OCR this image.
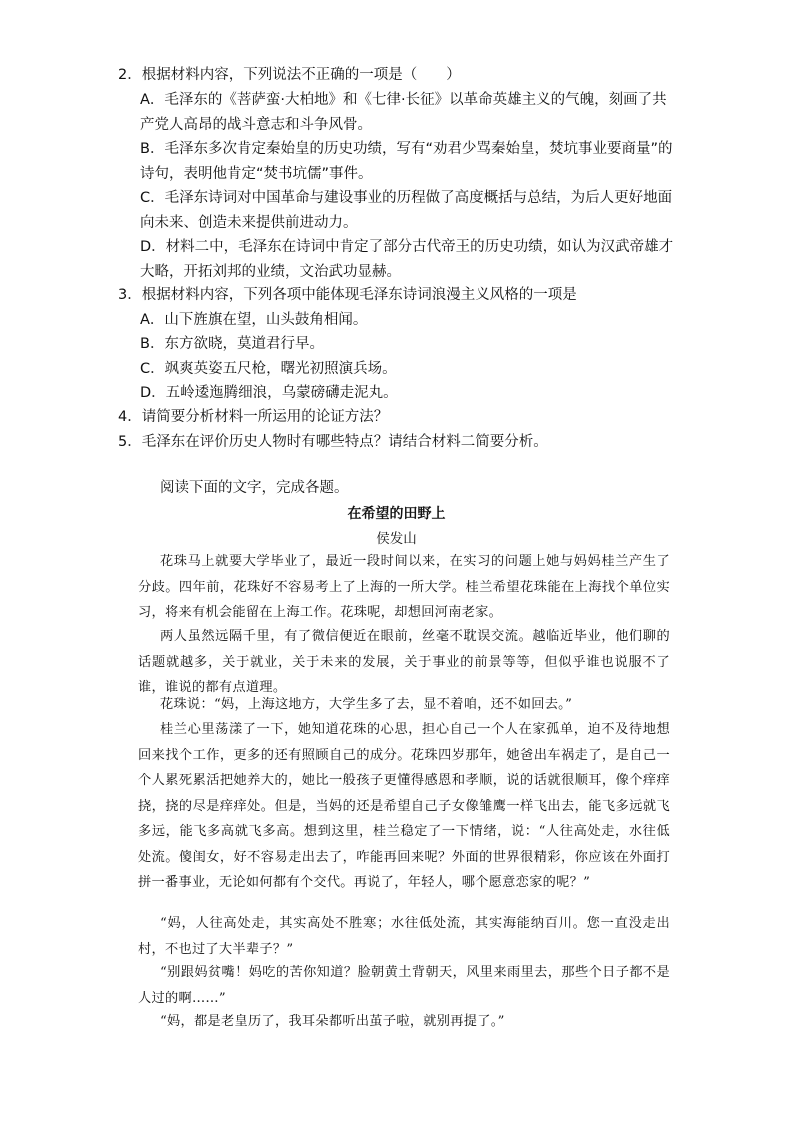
2．根据材料内容，下列说法不正确的一项是（　　）
A．毛泽东的《菩萨蛮·大柏地》和《七律·长征》以革命英雄主义的气魄，刻画了共产党人高昂的战斗意志和斗争风骨。
B．毛泽东多次肯定秦始皇的历史功绩，写有“劝君少骂秦始皇，焚坑事业要商量”的诗句，表明他肯定“焚书坑儒”事件。
C．毛泽东诗词对中国革命与建设事业的历程做了高度概括与总结，为后人更好地面向未来、创造未来提供前进动力。
D．材料二中，毛泽东在诗词中肯定了部分古代帝王的历史功绩，如认为汉武帝雄才大略，开拓刘邦的业绩，文治武功显赫。
3．根据材料内容，下列各项中能体现毛泽东诗词浪漫主义风格的一项是
A．山下旌旗在望，山头鼓角相闻。
B．东方欲晓，莫道君行早。
C．飒爽英姿五尺枪，曙光初照演兵场。
D．五岭逶迤腾细浪，乌蒙磅礴走泥丸。
4．请简要分析材料一所运用的论证方法？
5．毛泽东在评价历史人物时有哪些特点？请结合材料二简要分析。
阅读下面的文字，完成各题。
在希望的田野上
侯发山
花珠马上就要大学毕业了，最近一段时间以来，在实习的问题上她与妈妈桂兰产生了分歧。四年前，花珠好不容易考上了上海的一所大学。桂兰希望花珠能在上海找个单位实习，将来有机会能留在上海工作。花珠呢，却想回河南老家。
两人虽然远隔千里，有了微信便近在眼前，丝毫不耽误交流。越临近毕业，他们聊的话题就越多，关于就业，关于未来的发展，关于事业的前景等等，但似乎谁也说服不了谁，谁说的都有点道理。
花珠说：“妈，上海这地方，大学生多了去，显不着咱，还不如回去。”
桂兰心里荡漾了一下，她知道花珠的心思，担心自己一个人在家孤单，迫不及待地想回来找个工作，更多的还有照顾自己的成分。花珠四岁那年，她爸出车祸走了，是自己一个人累死累活把她养大的，她比一般孩子更懂得感恩和孝顺，说的话就很顺耳，像个痒痒挠，挠的尽是痒痒处。但是，当妈的还是希望自己子女像雏鹰一样飞出去，能飞多远就飞多远，能飞多高就飞多高。想到这里，桂兰稳定了一下情绪，说：“人往高处走，水往低处流。傻闺女，好不容易走出去了，咋能再回来呢？外面的世界很精彩，你应该在外面打拼一番事业，无论如何都有个交代。再说了，年轻人，哪个愿意恋家的呢？”
“妈，人往高处走，其实高处不胜寒；水往低处流，其实海能纳百川。您一直没走出村，不也过了大半辈子？”
“别跟妈贫嘴！妈吃的苦你知道？脸朝黄土背朝天，风里来雨里去，那些个日子都不是人过的啊……”
“妈，都是老皇历了，我耳朵都听出茧子啦，就别再提了。”
